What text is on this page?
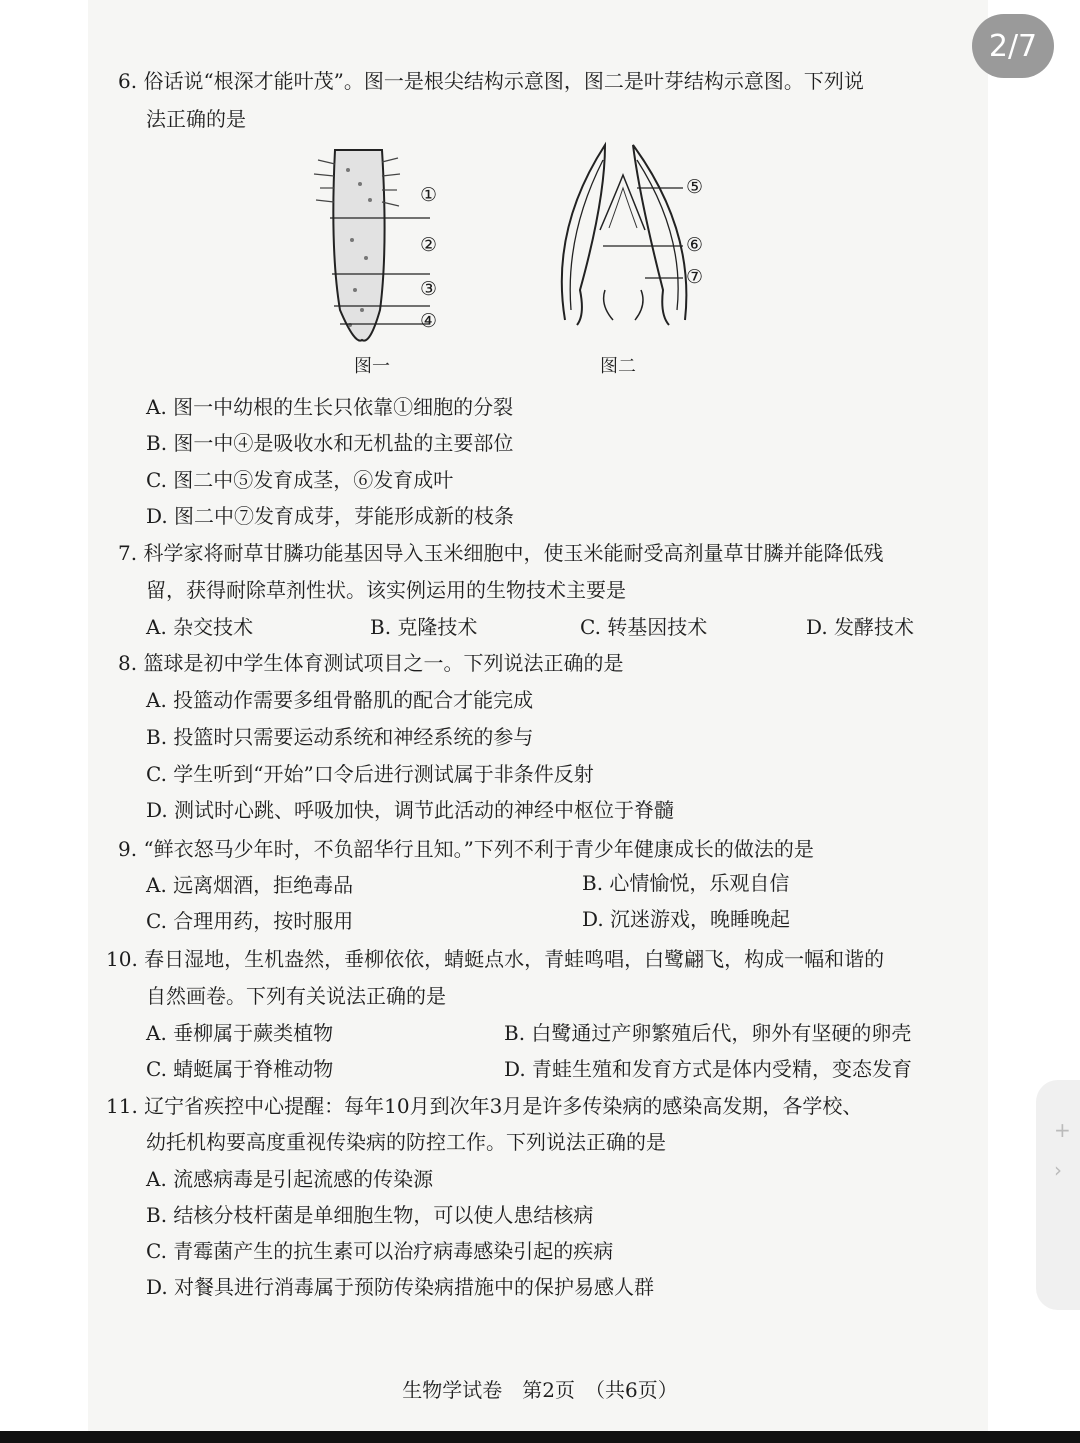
2/7
+
›
6. 俗话说“根深才能叶茂”。图一是根尖结构示意图，图二是叶芽结构示意图。下列说
法正确的是
①
②
③
④
图一
⑤
⑥
⑦
图二
A. 图一中幼根的生长只依靠①细胞的分裂
B. 图一中④是吸收水和无机盐的主要部位
C. 图二中⑤发育成茎，⑥发育成叶
D. 图二中⑦发育成芽，芽能形成新的枝条
7. 科学家将耐草甘膦功能基因导入玉米细胞中，使玉米能耐受高剂量草甘膦并能降低残
留，获得耐除草剂性状。该实例运用的生物技术主要是
A. 杂交技术	B. 克隆技术	C. 转基因技术	D. 发酵技术
8. 篮球是初中学生体育测试项目之一。下列说法正确的是
A. 投篮动作需要多组骨骼肌的配合才能完成
B. 投篮时只需要运动系统和神经系统的参与
C. 学生听到“开始”口令后进行测试属于非条件反射
D. 测试时心跳、呼吸加快，调节此活动的神经中枢位于脊髓
9. “鲜衣怒马少年时，不负韶华行且知。”下列不利于青少年健康成长的做法的是
A. 远离烟酒，拒绝毒品	B. 心情愉悦，乐观自信
C. 合理用药，按时服用	D. 沉迷游戏，晚睡晚起
10. 春日湿地，生机盎然，垂柳依依，蜻蜓点水，青蛙鸣唱，白鹭翩飞，构成一幅和谐的
自然画卷。下列有关说法正确的是
A. 垂柳属于蕨类植物	B. 白鹭通过产卵繁殖后代，卵外有坚硬的卵壳
C. 蜻蜓属于脊椎动物	D. 青蛙生殖和发育方式是体内受精，变态发育
11. 辽宁省疾控中心提醒：每年10月到次年3月是许多传染病的感染高发期，各学校、
幼托机构要高度重视传染病的防控工作。下列说法正确的是
A. 流感病毒是引起流感的传染源
B. 结核分枝杆菌是单细胞生物，可以使人患结核病
C. 青霉菌产生的抗生素可以治疗病毒感染引起的疾病
D. 对餐具进行消毒属于预防传染病措施中的保护易感人群
生物学试卷　第2页　（共6页）
